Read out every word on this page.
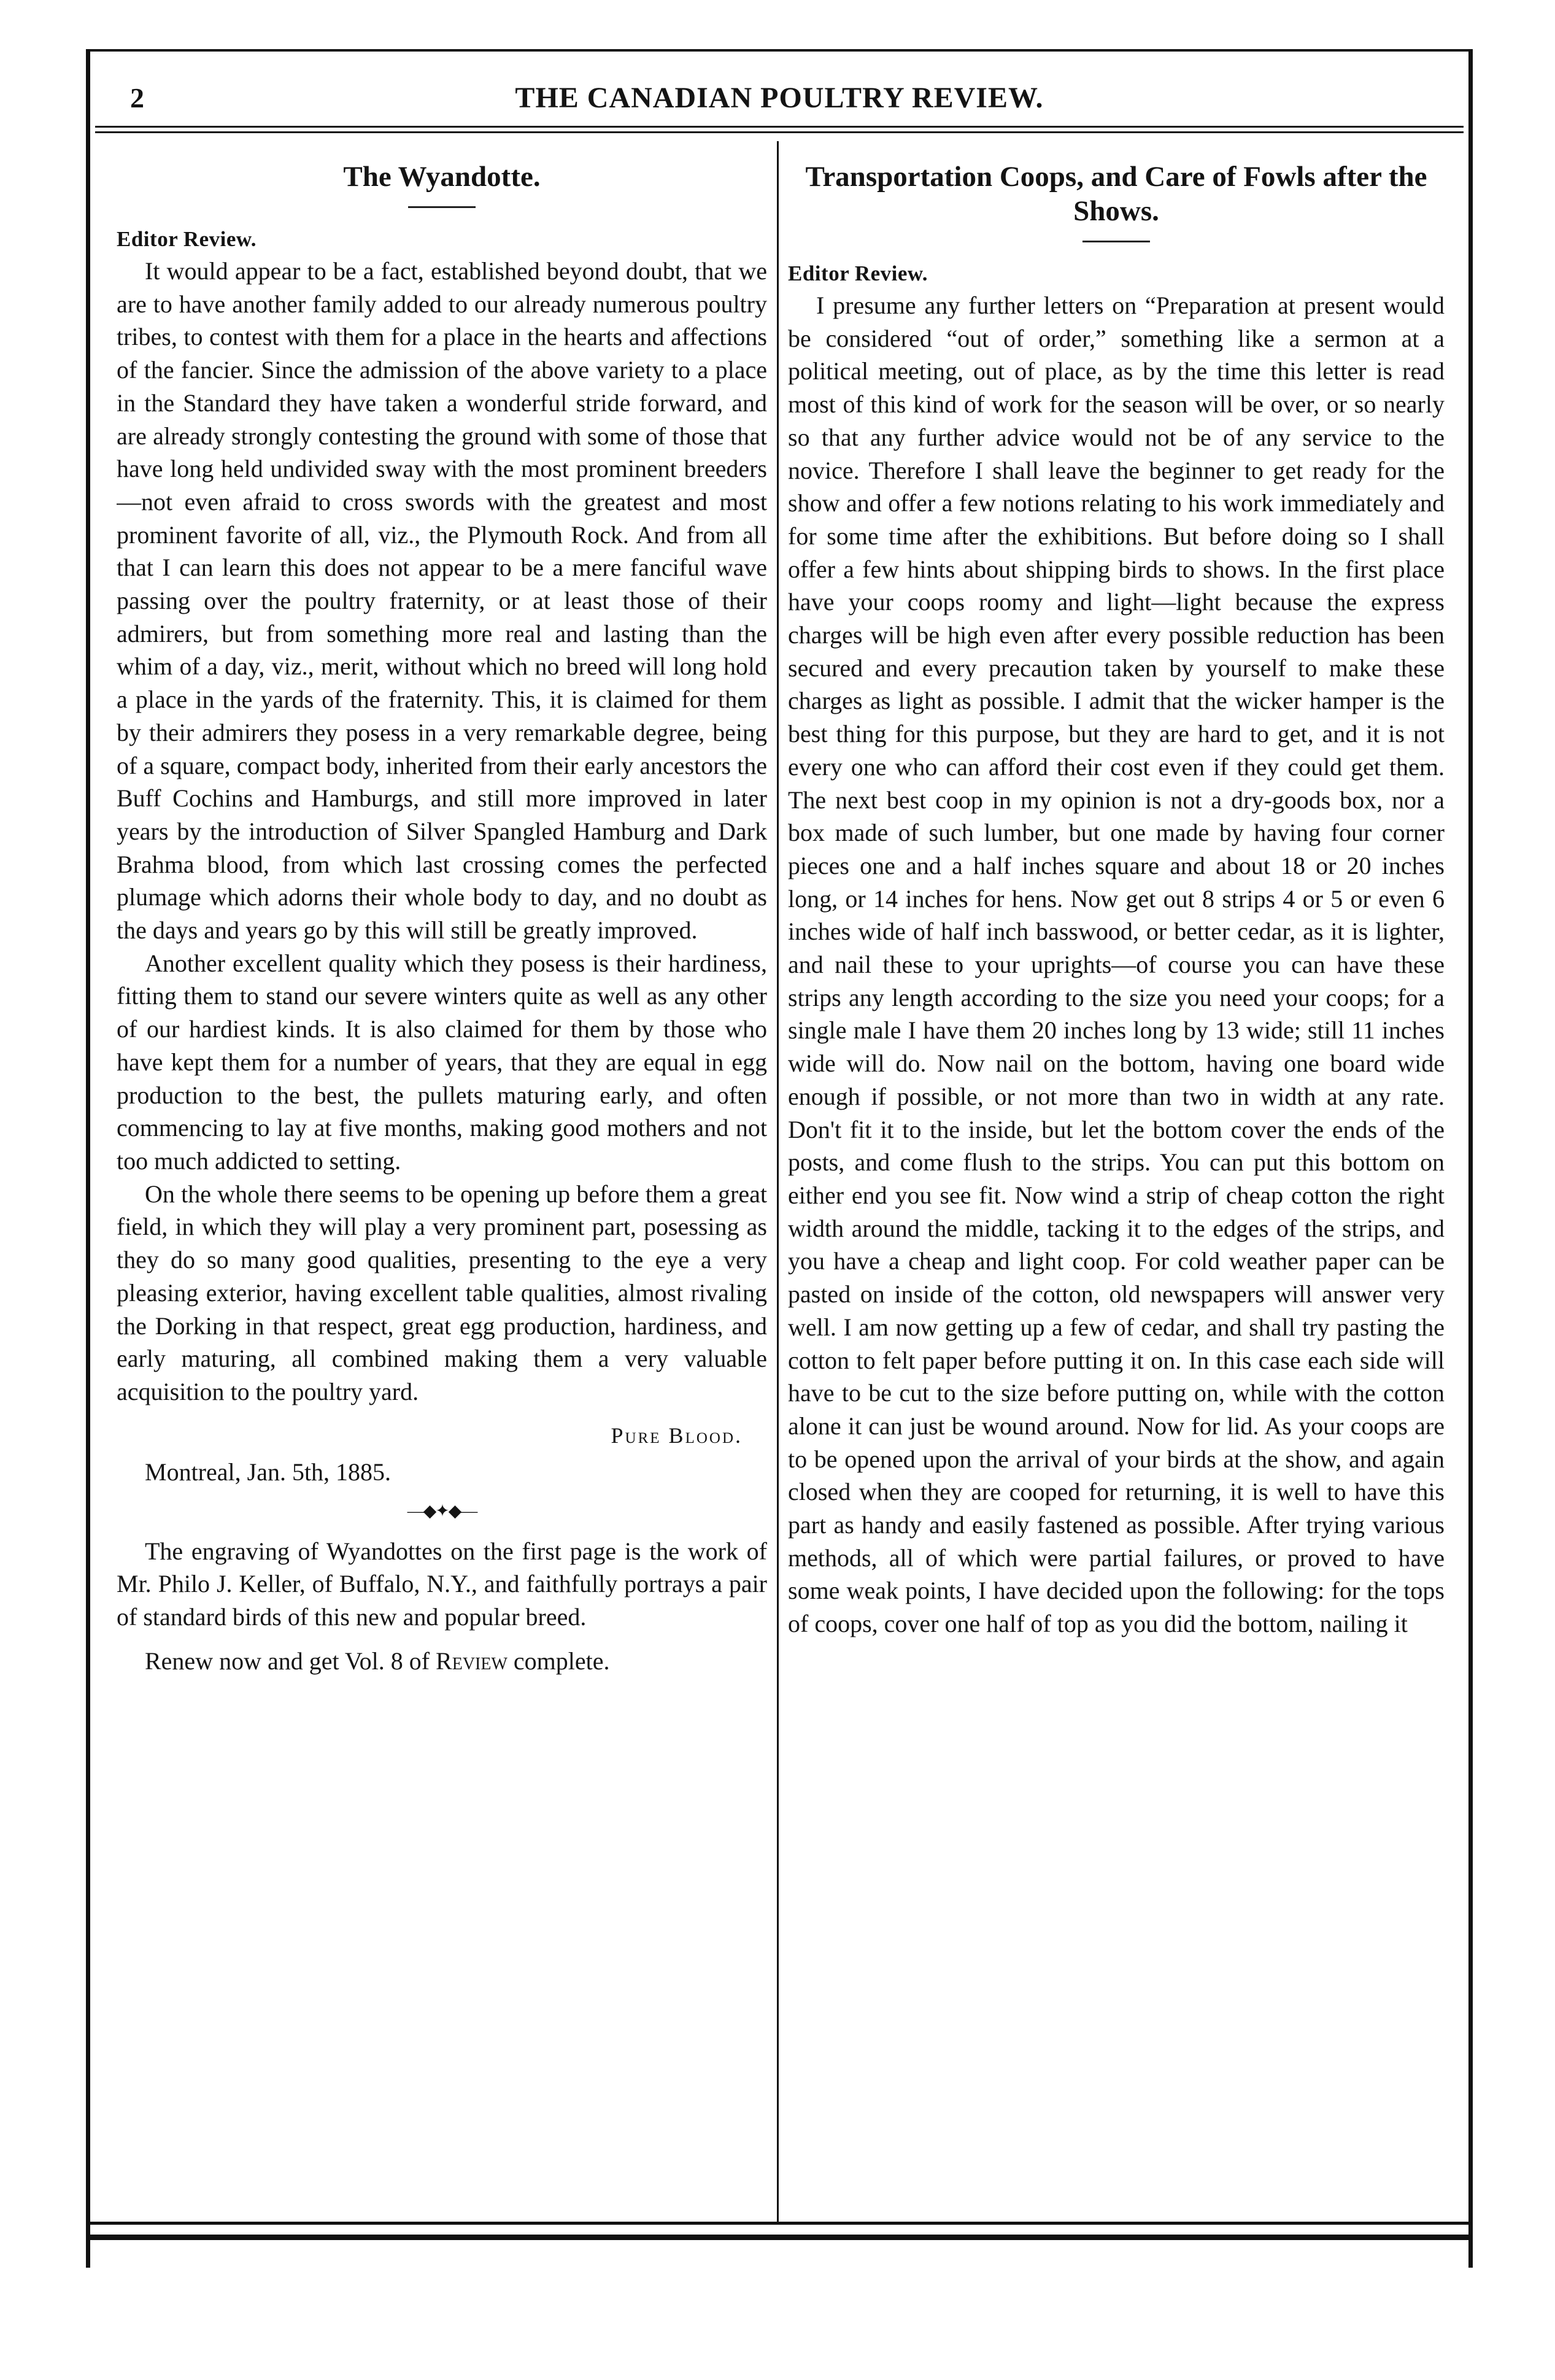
2	THE CANADIAN POULTRY REVIEW.
The Wyandotte.

Editor Review.

It would appear to be a fact, established beyond doubt, that we are to have another family added to our already numerous poultry tribes, to contest with them for a place in the hearts and affections of the fancier. Since the admission of the above variety to a place in the Standard they have taken a wonderful stride forward, and are already strongly contesting the ground with some of those that have long held undivided sway with the most prominent breeders—not even afraid to cross swords with the greatest and most prominent favorite of all, viz., the Plymouth Rock. And from all that I can learn this does not appear to be a mere fanciful wave passing over the poultry fraternity, or at least those of their admirers, but from something more real and lasting than the whim of a day, viz., merit, without which no breed will long hold a place in the yards of the fraternity. This, it is claimed for them by their admirers they posess in a very remarkable degree, being of a square, compact body, inherited from their early ancestors the Buff Cochins and Hamburgs, and still more improved in later years by the introduction of Silver Spangled Hamburg and Dark Brahma blood, from which last crossing comes the perfected plumage which adorns their whole body to day, and no doubt as the days and years go by this will still be greatly improved.

Another excellent quality which they posess is their hardiness, fitting them to stand our severe winters quite as well as any other of our hardiest kinds. It is also claimed for them by those who have kept them for a number of years, that they are equal in egg production to the best, the pullets maturing early, and often commencing to lay at five months, making good mothers and not too much addicted to setting.

On the whole there seems to be opening up before them a great field, in which they will play a very prominent part, posessing as they do so many good qualities, presenting to the eye a very pleasing exterior, having excellent table qualities, almost rivaling the Dorking in that respect, great egg production, hardiness, and early maturing, all combined making them a very valuable acquisition to the poultry yard.

Pure Blood.

Montreal, Jan. 5th, 1885.

—◆✦◆—

The engraving of Wyandottes on the first page is the work of Mr. Philo J. Keller, of Buffalo, N.Y., and faithfully portrays a pair of standard birds of this new and popular breed.

Renew now and get Vol. 8 of Review complete.

Transportation Coops, and Care of Fowls after the Shows.

Editor Review.

I presume any further letters on “Preparation at present would be considered “out of order,” something like a sermon at a political meeting, out of place, as by the time this letter is read most of this kind of work for the season will be over, or so nearly so that any further advice would not be of any service to the novice. Therefore I shall leave the beginner to get ready for the show and offer a few notions relating to his work immediately and for some time after the exhibitions. But before doing so I shall offer a few hints about shipping birds to shows. In the first place have your coops roomy and light—light because the express charges will be high even after every possible reduction has been secured and every precaution taken by yourself to make these charges as light as possible. I admit that the wicker hamper is the best thing for this purpose, but they are hard to get, and it is not every one who can afford their cost even if they could get them. The next best coop in my opinion is not a dry-goods box, nor a box made of such lumber, but one made by having four corner pieces one and a half inches square and about 18 or 20 inches long, or 14 inches for hens. Now get out 8 strips 4 or 5 or even 6 inches wide of half inch basswood, or better cedar, as it is lighter, and nail these to your uprights—of course you can have these strips any length according to the size you need your coops; for a single male I have them 20 inches long by 13 wide; still 11 inches wide will do. Now nail on the bottom, having one board wide enough if possible, or not more than two in width at any rate. Don't fit it to the inside, but let the bottom cover the ends of the posts, and come flush to the strips. You can put this bottom on either end you see fit. Now wind a strip of cheap cotton the right width around the middle, tacking it to the edges of the strips, and you have a cheap and light coop. For cold weather paper can be pasted on inside of the cotton, old newspapers will answer very well. I am now getting up a few of cedar, and shall try pasting the cotton to felt paper before putting it on. In this case each side will have to be cut to the size before putting on, while with the cotton alone it can just be wound around. Now for lid. As your coops are to be opened upon the arrival of your birds at the show, and again closed when they are cooped for returning, it is well to have this part as handy and easily fastened as possible. After trying various methods, all of which were partial failures, or proved to have some weak points, I have decided upon the following: for the tops of coops, cover one half of top as you did the bottom, nailing it
